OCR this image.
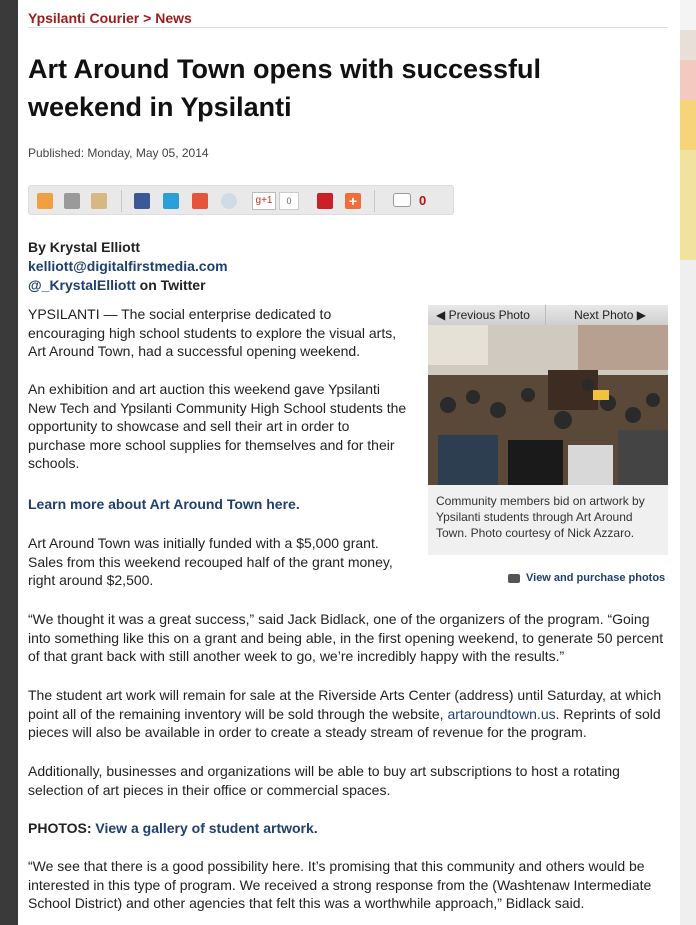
Ypsilanti Courier > News
Art Around Town opens with successful weekend in Ypsilanti
Published: Monday, May 05, 2014
g+1	0	+	0
By Krystal Elliott
kelliott@digitalfirstmedia.com
@_KrystalElliott on Twitter
YPSILANTI — The social enterprise dedicated to encouraging high school students to explore the visual arts, Art Around Town, had a successful opening weekend.
An exhibition and art auction this weekend gave Ypsilanti New Tech and Ypsilanti Community High School students the opportunity to showcase and sell their art in order to purchase more school supplies for themselves and for their schools.
Learn more about Art Around Town here.
Art Around Town was initially funded with a $5,000 grant. Sales from this weekend recouped half of the grant money, right around $2,500.
◀ Previous Photo	Next Photo ▶
Community members bid on artwork by Ypsilanti students through Art Around Town. Photo courtesy of Nick Azzaro.
View and purchase photos
“We thought it was a great success,” said Jack Bidlack, one of the organizers of the program. “Going into something like this on a grant and being able, in the first opening weekend, to generate 50 percent of that grant back with still another week to go, we’re incredibly happy with the results.”
The student art work will remain for sale at the Riverside Arts Center (address) until Saturday, at which point all of the remaining inventory will be sold through the website, artaroundtown.us. Reprints of sold pieces will also be available in order to create a steady stream of revenue for the program.
Additionally, businesses and organizations will be able to buy art subscriptions to host a rotating selection of art pieces in their office or commercial spaces.
PHOTOS: View a gallery of student artwork.
“We see that there is a good possibility here. It’s promising that this community and others would be interested in this type of program. We received a strong response from the (Washtenaw Intermediate School District) and other agencies that felt this was a worthwhile approach,” Bidlack said.
